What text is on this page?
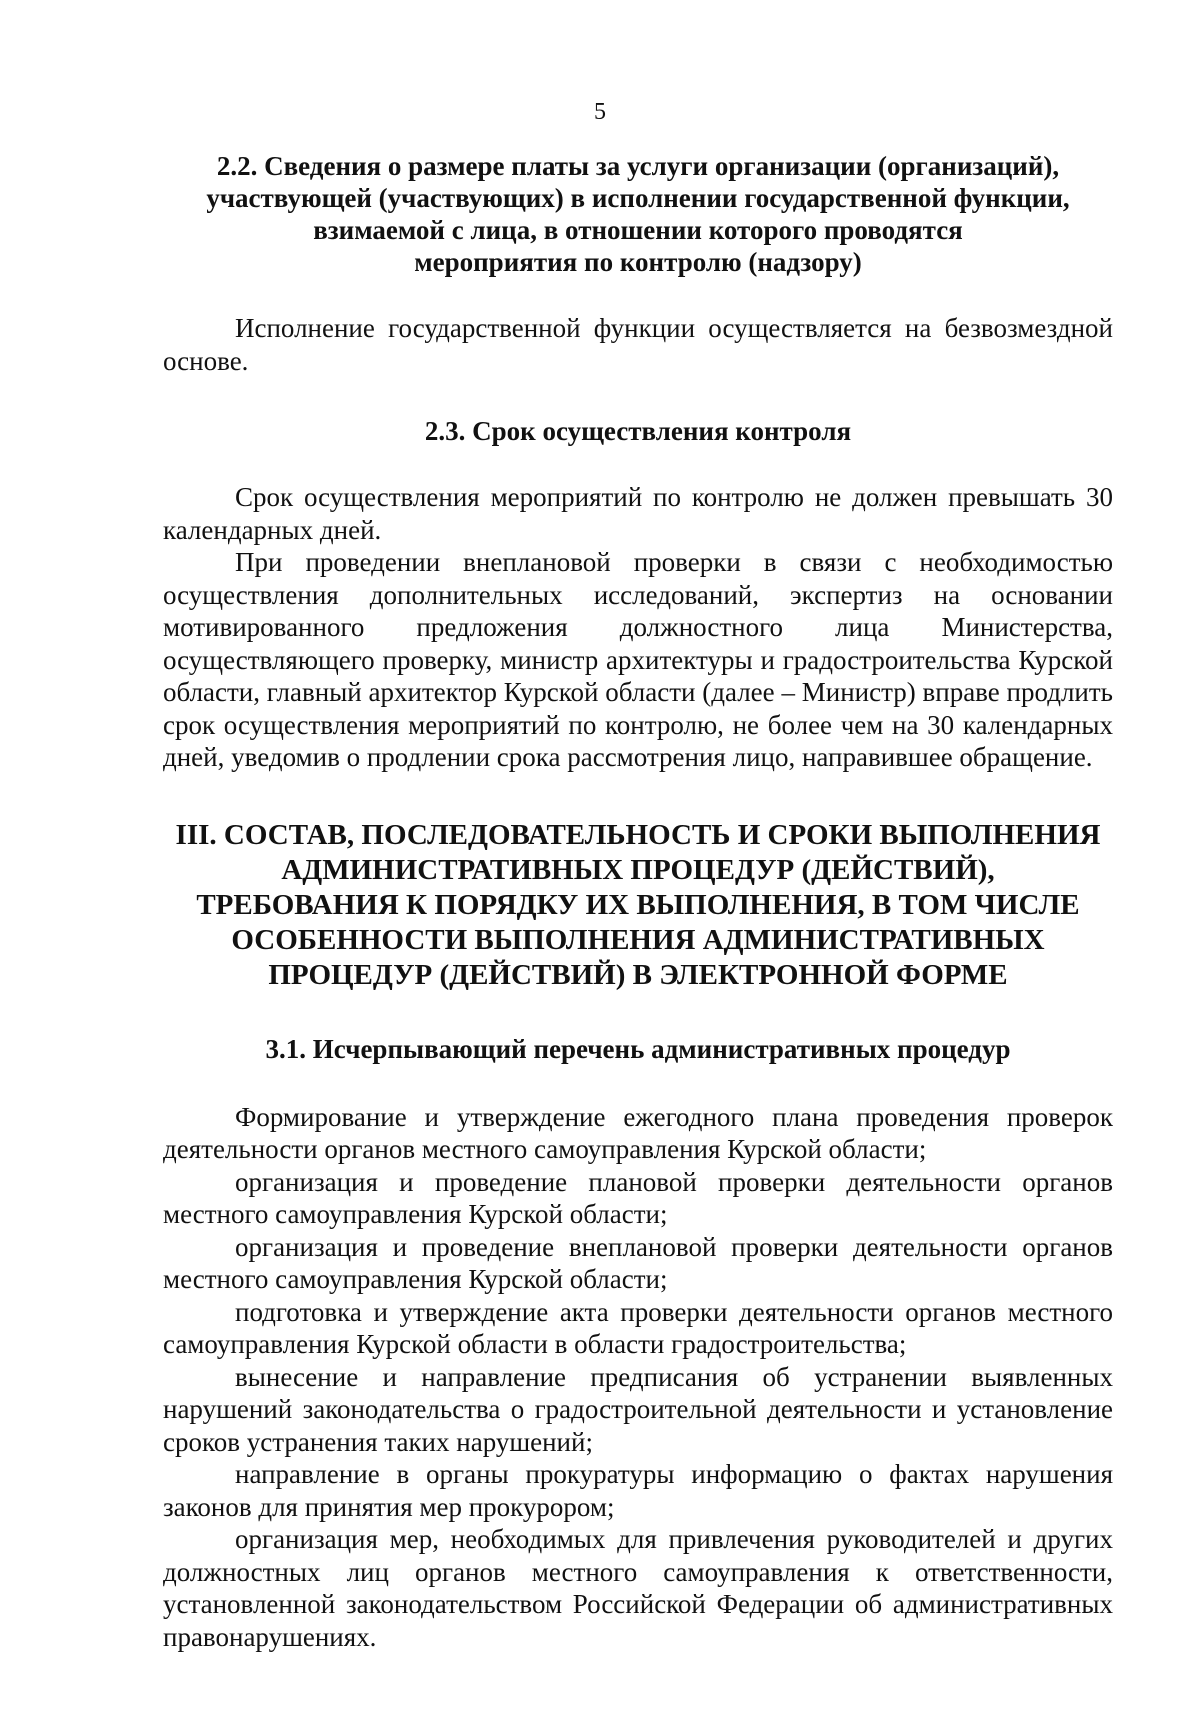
5
2.2. Сведения о размере платы за услуги организации (организаций),
участвующей (участвующих) в исполнении государственной функции,
взимаемой с лица, в отношении которого проводятся
мероприятия по контролю (надзору)

Исполнение государственной функции осуществляется на безвозмездной основе.

2.3. Срок осуществления контроля

Срок осуществления мероприятий по контролю не должен превышать 30 календарных дней.

При проведении внеплановой проверки в связи с необходимостью осуществления дополнительных исследований, экспертиз на основании мотивированного предложения должностного лица Министерства, осуществляющего проверку, министр архитектуры и градостроительства Курской области, главный архитектор Курской области (далее – Министр) вправе продлить срок осуществления мероприятий по контролю, не более чем на 30 календарных дней, уведомив о продлении срока рассмотрения лицо, направившее обращение.

III. СОСТАВ, ПОСЛЕДОВАТЕЛЬНОСТЬ И СРОКИ ВЫПОЛНЕНИЯ
АДМИНИСТРАТИВНЫХ ПРОЦЕДУР (ДЕЙСТВИЙ),
ТРЕБОВАНИЯ К ПОРЯДКУ ИХ ВЫПОЛНЕНИЯ, В ТОМ ЧИСЛЕ
ОСОБЕННОСТИ ВЫПОЛНЕНИЯ АДМИНИСТРАТИВНЫХ
ПРОЦЕДУР (ДЕЙСТВИЙ) В ЭЛЕКТРОННОЙ ФОРМЕ
3.1. Исчерпывающий перечень административных процедур

Формирование и утверждение ежегодного плана проведения проверок деятельности органов местного самоуправления Курской области;

организация и проведение плановой проверки деятельности органов местного самоуправления Курской области;

организация и проведение внеплановой проверки деятельности органов местного самоуправления Курской области;

подготовка и утверждение акта проверки деятельности органов местного самоуправления Курской области в области градостроительства;

вынесение и направление предписания об устранении выявленных нарушений законодательства о градостроительной деятельности и установление сроков устранения таких нарушений;

направление в органы прокуратуры информацию о фактах нарушения законов для принятия мер прокурором;

организация мер, необходимых для привлечения руководителей и других должностных лиц органов местного самоуправления к ответственности, установленной законодательством Российской Федерации об административных правонарушениях.
